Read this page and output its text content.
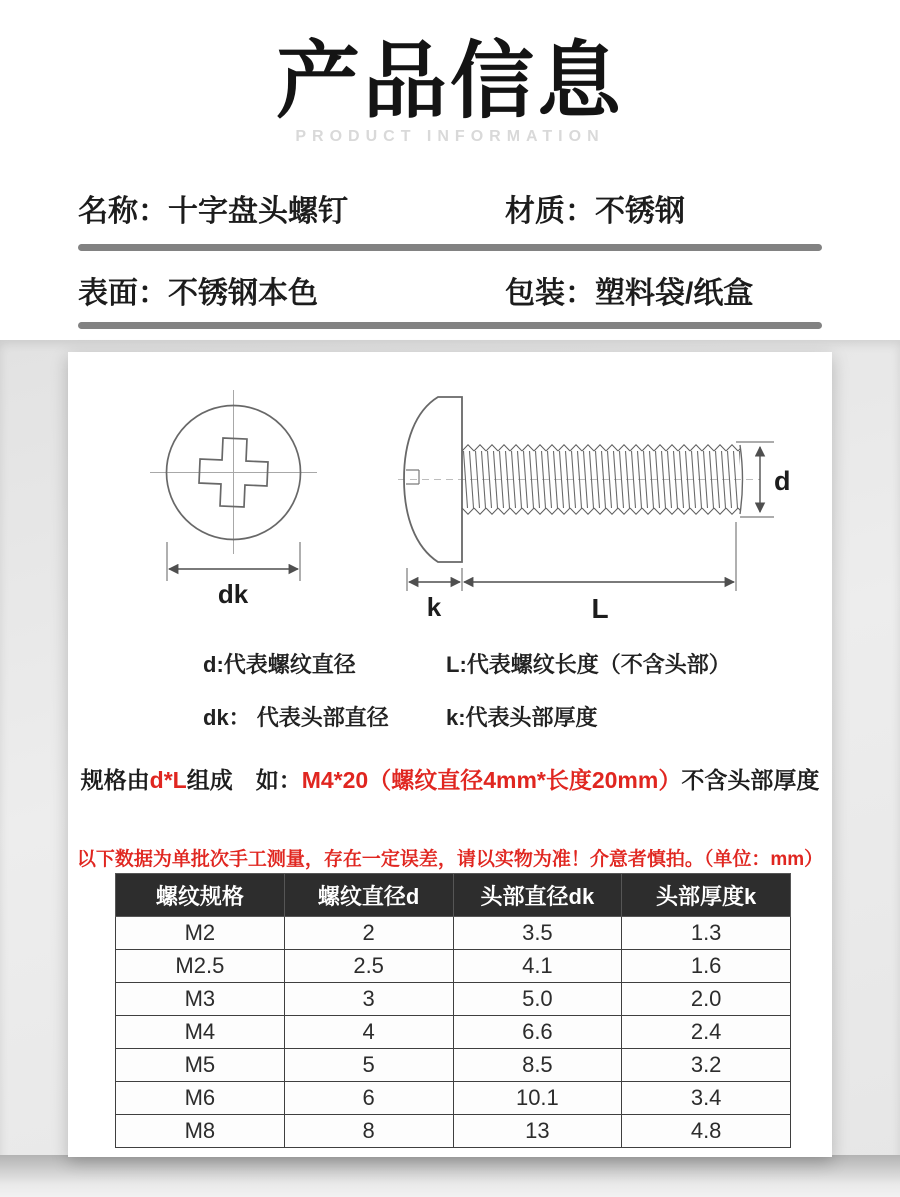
产品信息
PRODUCT INFORMATION
名称：十字盘头螺钉	材质：不锈钢
表面：不锈钢本色	包装：塑料袋/纸盒
dk
d
k	L
d:代表螺纹直径	L:代表螺纹长度（不含头部）
dk： 代表头部直径	k:代表头部厚度
规格由d*L组成　如：M4*20（螺纹直径4mm*长度20mm）不含头部厚度
以下数据为单批次手工测量，存在一定误差，请以实物为准！介意者慎拍。（单位：mm）
螺纹规格	螺纹直径d	头部直径dk	头部厚度k
M2	2	3.5	1.3
M2.5	2.5	4.1	1.6
M3	3	5.0	2.0
M4	4	6.6	2.4
M5	5	8.5	3.2
M6	6	10.1	3.4
M8	8	13	4.8
